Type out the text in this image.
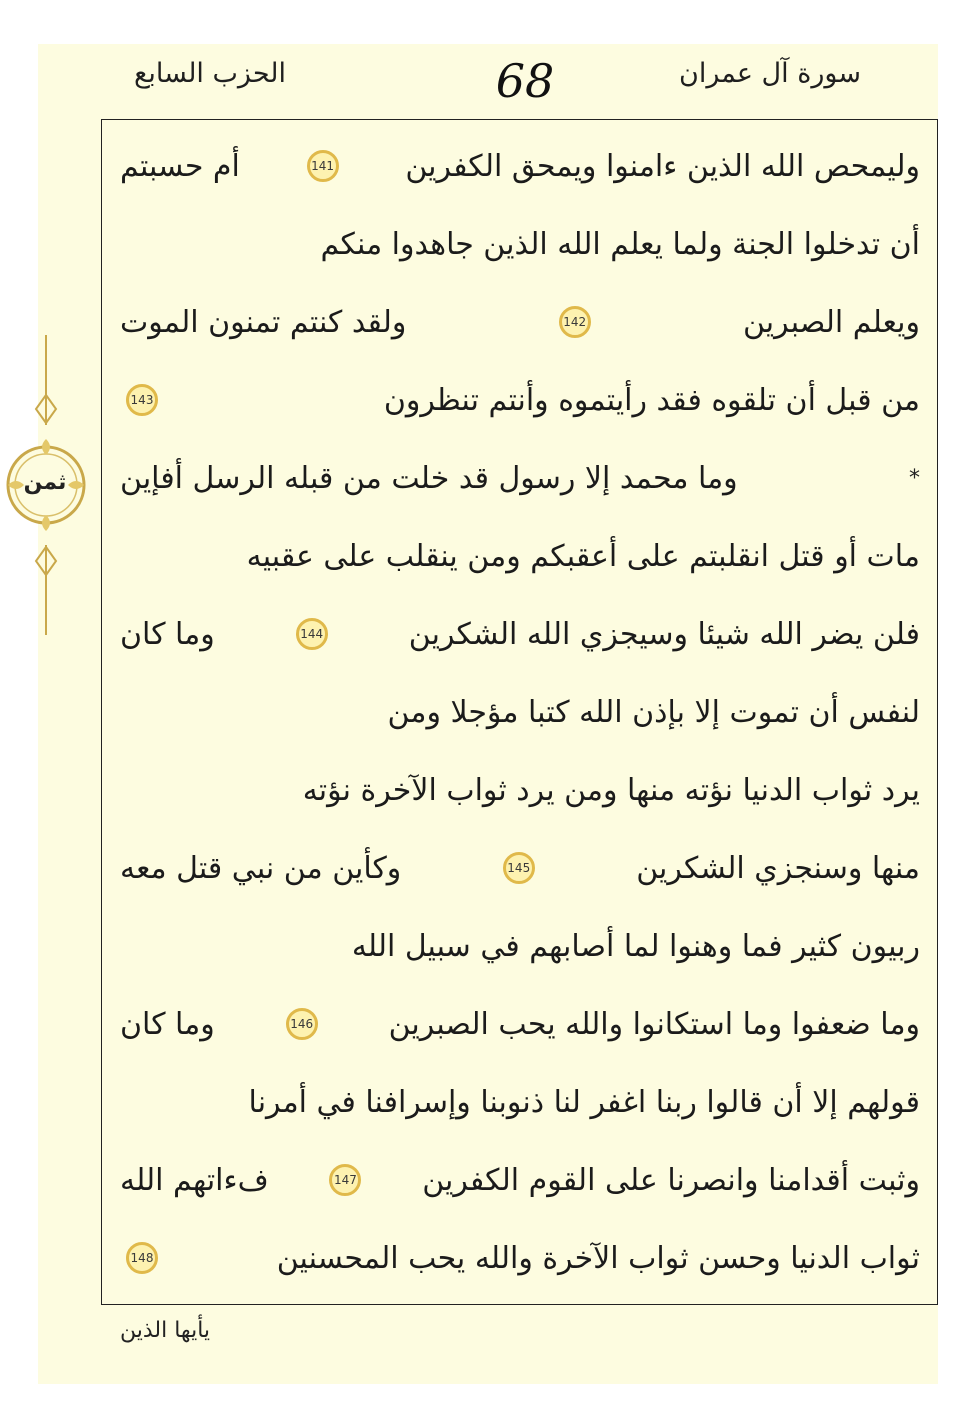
سورة آل عمران
68
الحزب السابع
ثمن
وليمحص الله الذين ءامنوا ويمحق الكفرين
141
أم حسبتم
أن تدخلوا الجنة ولما يعلم الله الذين جاهدوا منكم
ويعلم الصبرين
142
ولقد كنتم تمنون الموت
من قبل أن تلقوه فقد رأيتموه وأنتم تنظرون
143
*
وما محمد إلا رسول قد خلت من قبله الرسل أفإين
مات أو قتل انقلبتم على أعقبكم ومن ينقلب على عقبيه
فلن يضر الله شيئا وسيجزي الله الشكرين
144
وما كان
لنفس أن تموت إلا بإذن الله كتبا مؤجلا ومن
يرد ثواب الدنيا نؤته منها ومن يرد ثواب الآخرة نؤته
منها وسنجزي الشكرين
145
وكأين من نبي قتل معه
ربيون كثير فما وهنوا لما أصابهم في سبيل الله
وما ضعفوا وما استكانوا والله يحب الصبرين
146
وما كان
قولهم إلا أن قالوا ربنا اغفر لنا ذنوبنا وإسرافنا في أمرنا
وثبت أقدامنا وانصرنا على القوم الكفرين
147
فءاتهم الله
ثواب الدنيا وحسن ثواب الآخرة والله يحب المحسنين
148
يأيها الذين
